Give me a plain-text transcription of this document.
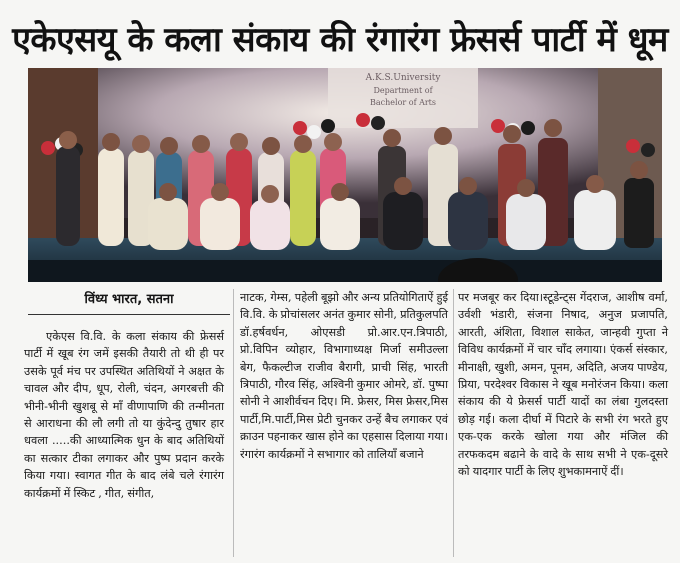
एकेएसयू के कला संकाय की रंगारंग फ्रेसर्स पार्टी में धूम
A.K.S.University
Department of
Bachelor of Arts
विंध्य भारत, सतना

एकेएस वि.वि. के कला संकाय की फ्रेसर्स पार्टी में खूब रंग जमें इसकी तैयारी तो थी ही पर उसके पूर्व मंच पर उपस्थित अतिथियों ने अक्षत के चावल और दीप, धूप, रोली, चंदन, अगरबत्ती की भीनी-भीनी खुशबू से माँ वीणापाणि की तन्मीनता से आराधना की लौ लगी तो या कुंदेन्दु तुषार हार धवला .....की आध्यात्मिक धुन के बाद अतिथियों का सत्कार टीका लगाकर और पुष्प प्रदान करके किया गया। स्वागत गीत के बाद लंबे चले रंगारंग कार्यक्रमों में स्किट , गीत, संगीत,

नाटक, गेम्स, पहेली बूझो और अन्य प्रतियोगिताऐं हुई वि.वि. के प्रोचांसलर अनंत कुमार सोनी, प्रतिकुलपति डॉ.हर्षवर्धन, ओएसडी प्रो.आर.एन.त्रिपाठी, प्रो.विपिन व्योहार, विभागाध्यक्ष मिर्जा समीउल्ला बेग, फैकल्टीज राजीव बैरागी, प्राची सिंह, भारती त्रिपाठी, गौरव सिंह, अश्विनी कुमार ओमरे, डॉ. पुष्पा सोनी ने आशीर्वचन दिए। मि. फ्रेसर, मिस फ्रेसर,मिस पार्टी,मि.पार्टी,मिस प्रेटी चुनकर उन्हें बैच लगाकर एवं क्राउन पहनाकर खास होने का एहसास दिलाया गया। रंगारंग कार्यक्रमों ने सभागार को तालियाँ बजाने

पर मजबूर कर दिया।स्टूडेन्ट्स गेंदराज, आशीष वर्मा, उर्वशी भंडारी, संजना निषाद, अनुज प्रजापति, आरती, अंशिता, विशाल साकेत, जान्हवी गुप्ता ने विविध कार्यक्रमों में चार चाँद लगाया। एंकर्स संस्कार, मीनाक्षी, खुशी, अमन, पूनम, अदिति, अजय पाण्डेय, प्रिया, परदेश्वर विकास ने खूब मनोरंजन किया। कला संकाय की ये फ्रेसर्स पार्टी यादों का लंबा गुलदस्ता छोड़ गई। कला दीर्घा में पिटारे के सभी रंग भरते हुए एक-एक करके खोला गया और मंजिल की तरफकदम बढाने के वादे के साथ सभी ने एक-दूसरे को यादगार पार्टी के लिए शुभकामनाऐं दीं।
